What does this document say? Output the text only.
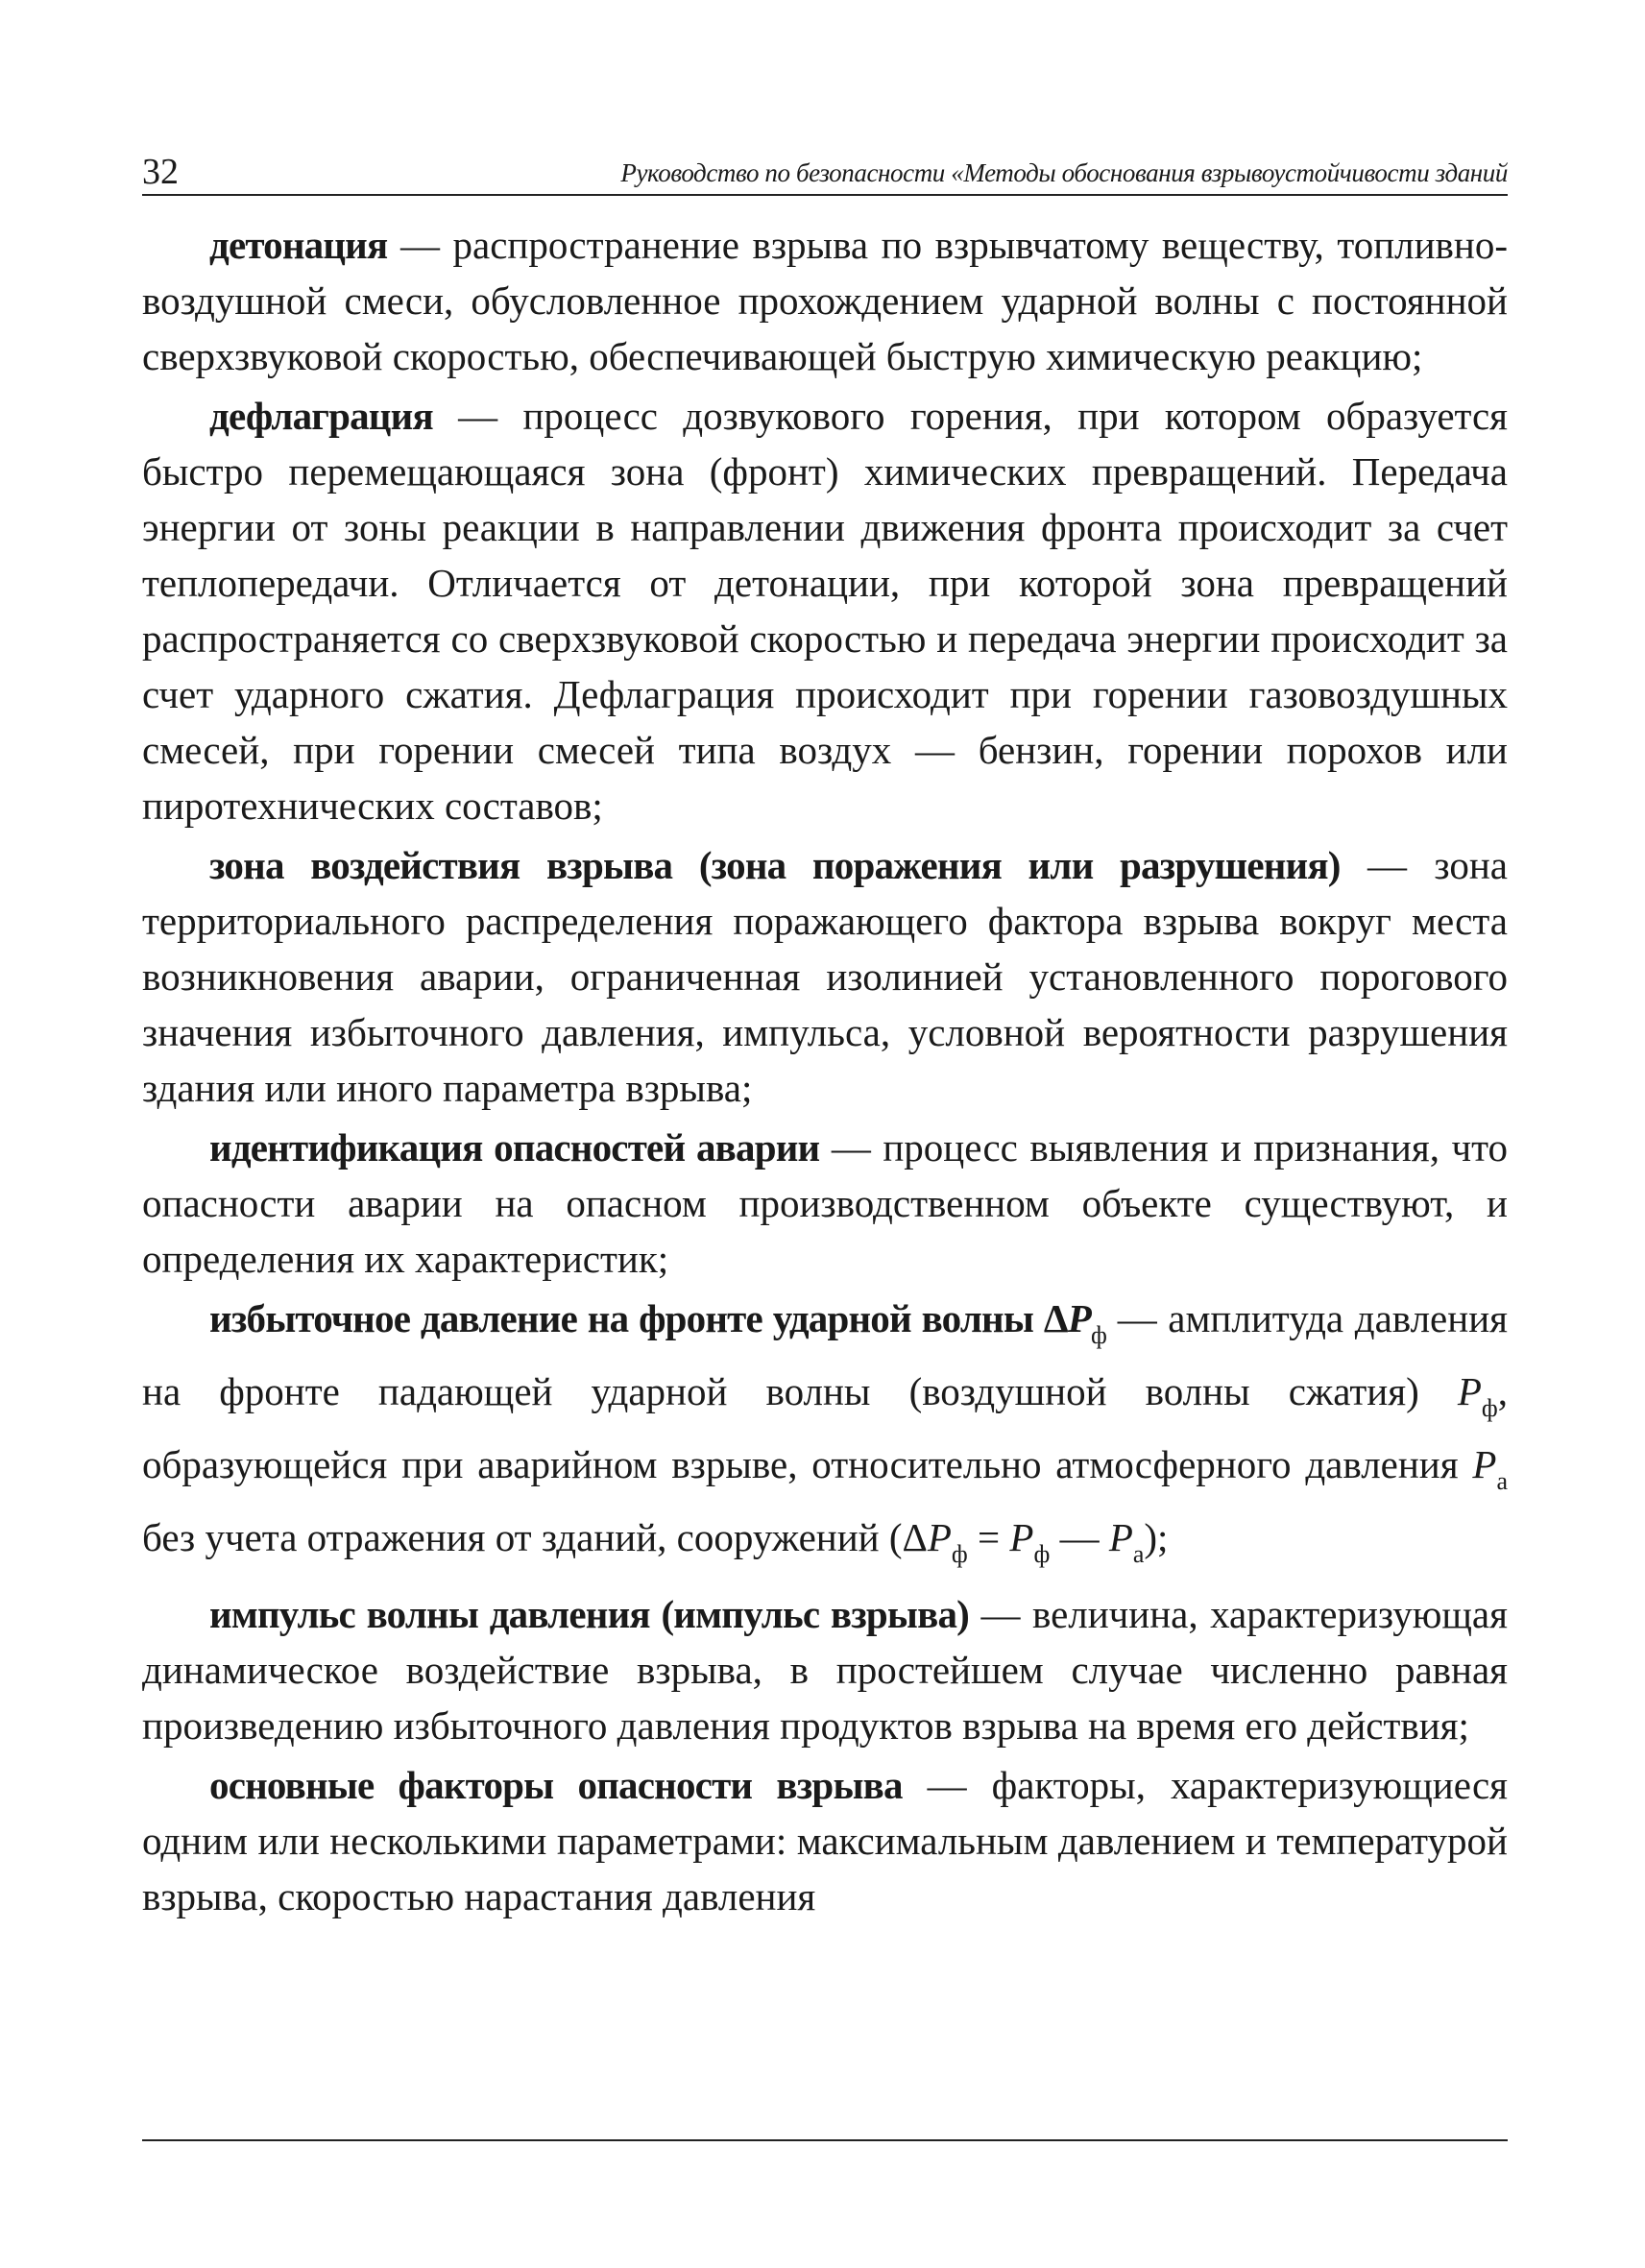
32	Руководство по безопасности «Методы обоснования взрывоустойчивости зданий

детонация — распространение взрыва по взрывчатому веществу, топливно-воздушной смеси, обусловленное прохождением ударной волны с постоянной сверхзвуковой скоростью, обеспечивающей быструю химическую реакцию;

дефлаграция — процесс дозвукового горения, при котором образуется быстро перемещающаяся зона (фронт) химических превращений. Передача энергии от зоны реакции в направлении движения фронта происходит за счет теплопередачи. Отличается от детонации, при которой зона превращений распространяется со сверхзвуковой скоростью и передача энергии происходит за счет ударного сжатия. Дефлаграция происходит при горении газовоздушных смесей, при горении смесей типа воздух — бензин, горении порохов или пиротехнических составов;

зона воздействия взрыва (зона поражения или разрушения) — зона территориального распределения поражающего фактора взрыва вокруг места возникновения аварии, ограниченная изолинией установленного порогового значения избыточного давления, импульса, условной вероятности разрушения здания или иного параметра взрыва;

идентификация опасностей аварии — процесс выявления и признания, что опасности аварии на опасном производственном объекте существуют, и определения их характеристик;

избыточное давление на фронте ударной волны $\Delta P_ф$ — амплитуда давления на фронте падающей ударной волны (воздушной волны сжатия) $P_ф$, образующейся при аварийном взрыве, относительно атмосферного давления $P_а$ без учета отражения от зданий, сооружений ($\Delta P_ф = P_ф$ — $P_а$);

импульс волны давления (импульс взрыва) — величина, характеризующая динамическое воздействие взрыва, в простейшем случае численно равная произведению избыточного давления продуктов взрыва на время его действия;

основные факторы опасности взрыва — факторы, характеризующиеся одним или несколькими параметрами: максимальным давлением и температурой взрыва, скоростью нарастания давления
